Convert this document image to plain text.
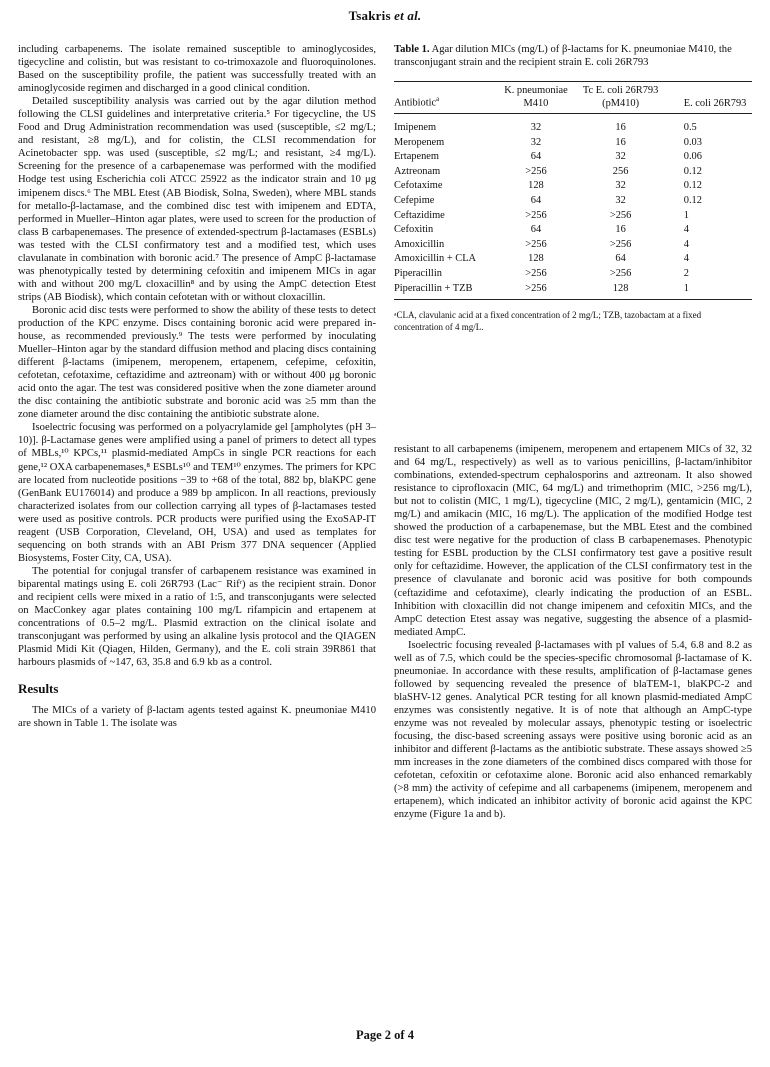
Tsakris et al.

including carbapenems. The isolate remained susceptible to aminoglycosides, tigecycline and colistin, but was resistant to co-trimoxazole and fluoroquinolones. Based on the susceptibility profile, the patient was successfully treated with an aminoglycoside regimen and discharged in a good clinical condition.

Detailed susceptibility analysis was carried out by the agar dilution method following the CLSI guidelines and interpretative criteria.⁵ For tigecycline, the US Food and Drug Administration recommendation was used (susceptible, ≤2 mg/L; and resistant, ≥8 mg/L), and for colistin, the CLSI recommendation for Acinetobacter spp. was used (susceptible, ≤2 mg/L; and resistant, ≥4 mg/L). Screening for the presence of a carbapenemase was performed with the modified Hodge test using Escherichia coli ATCC 25922 as the indicator strain and 10 μg imipenem discs.⁶ The MBL Etest (AB Biodisk, Solna, Sweden), where MBL stands for metallo-β-lactamase, and the combined disc test with imipenem and EDTA, performed in Mueller–Hinton agar plates, were used to screen for the production of class B carbapenemases. The presence of extended-spectrum β-lactamases (ESBLs) was tested with the CLSI confirmatory test and a modified test, which uses clavulanate in combination with boronic acid.⁷ The presence of AmpC β-lactamase was phenotypically tested by determining cefoxitin and imipenem MICs in agar with and without 200 mg/L cloxacillin⁸ and by using the AmpC detection Etest strips (AB Biodisk), which contain cefotetan with or without cloxacillin.

Boronic acid disc tests were performed to show the ability of these tests to detect production of the KPC enzyme. Discs containing boronic acid were prepared in-house, as recommended previously.⁹ The tests were performed by inoculating Mueller–Hinton agar by the standard diffusion method and placing discs containing different β-lactams (imipenem, meropenem, ertapenem, cefepime, cefoxitin, cefotetan, cefotaxime, ceftazidime and aztreonam) with or without 400 μg boronic acid onto the agar. The test was considered positive when the zone diameter around the disc containing the antibiotic substrate and boronic acid was ≥5 mm than the zone diameter around the disc containing the antibiotic substrate alone.

Isoelectric focusing was performed on a polyacrylamide gel [ampholytes (pH 3–10)]. β-Lactamase genes were amplified using a panel of primers to detect all types of MBLs,¹⁰ KPCs,¹¹ plasmid-mediated AmpCs in single PCR reactions for each gene,¹² OXA carbapenemases,⁸ ESBLs¹⁰ and TEM¹⁰ enzymes. The primers for KPC are located from nucleotide positions −39 to +68 of the total, 882 bp, blaKPC gene (GenBank EU176014) and produce a 989 bp amplicon. In all reactions, previously characterized isolates from our collection carrying all types of β-lactamases tested were used as positive controls. PCR products were purified using the ExoSAP-IT reagent (USB Corporation, Cleveland, OH, USA) and used as templates for sequencing on both strands with an ABI Prism 377 DNA sequencer (Applied Biosystems, Foster City, CA, USA).

The potential for conjugal transfer of carbapenem resistance was examined in biparental matings using E. coli 26R793 (Lac⁻ Rifʳ) as the recipient strain. Donor and recipient cells were mixed in a ratio of 1:5, and transconjugants were selected on MacConkey agar plates containing 100 mg/L rifampicin and ertapenem at concentrations of 0.5–2 mg/L. Plasmid extraction on the clinical isolate and transconjugant was performed by using an alkaline lysis protocol and the QIAGEN Plasmid Midi Kit (Qiagen, Hilden, Germany), and the E. coli strain 39R861 that harbours plasmids of ~147, 63, 35.8 and 6.9 kb as a control.

Results

The MICs of a variety of β-lactam agents tested against K. pneumoniae M410 are shown in Table 1. The isolate was

Table 1. Agar dilution MICs (mg/L) of β-lactams for K. pneumoniae M410, the transconjugant strain and the recipient strain E. coli 26R793
Antibiotic$^a$	K. pneumoniae M410	Tc E. coli 26R793 (pM410)	E. coli 26R793
Imipenem	32	16	0.5
Meropenem	32	16	0.03
Ertapenem	64	32	0.06
Aztreonam	>256	256	0.12
Cefotaxime	128	32	0.12
Cefepime	64	32	0.12
Ceftazidime	>256	>256	1
Cefoxitin	64	16	4
Amoxicillin	>256	>256	4
Amoxicillin + CLA	128	64	4
Piperacillin	>256	>256	2
Piperacillin + TZB	>256	128	1
ᵃCLA, clavulanic acid at a fixed concentration of 2 mg/L; TZB, tazobactam at a fixed concentration of 4 mg/L.

resistant to all carbapenems (imipenem, meropenem and ertapenem MICs of 32, 32 and 64 mg/L, respectively) as well as to various penicillins, β-lactam/inhibitor combinations, extended-spectrum cephalosporins and aztreonam. It also showed resistance to ciprofloxacin (MIC, 64 mg/L) and trimethoprim (MIC, >256 mg/L), but not to colistin (MIC, 1 mg/L), tigecycline (MIC, 2 mg/L), gentamicin (MIC, 2 mg/L) and amikacin (MIC, 16 mg/L). The application of the modified Hodge test showed the production of a carbapenemase, but the MBL Etest and the combined disc test were negative for the production of class B carbapenemases. Phenotypic testing for ESBL production by the CLSI confirmatory test gave a positive result only for ceftazidime. However, the application of the CLSI confirmatory test in the presence of clavulanate and boronic acid was positive for both compounds (ceftazidime and cefotaxime), clearly indicating the production of an ESBL. Inhibition with cloxacillin did not change imipenem and cefoxitin MICs, and the AmpC detection Etest assay was negative, suggesting the absence of a plasmid-mediated AmpC.

Isoelectric focusing revealed β-lactamases with pI values of 5.4, 6.8 and 8.2 as well as of 7.5, which could be the species-specific chromosomal β-lactamase of K. pneumoniae. In accordance with these results, amplification of β-lactamase genes followed by sequencing revealed the presence of blaTEM-1, blaKPC-2 and blaSHV-12 genes. Analytical PCR testing for all known plasmid-mediated AmpC enzymes was consistently negative. It is of note that although an AmpC-type enzyme was not revealed by molecular assays, phenotypic testing or isoelectric focusing, the disc-based screening assays were positive using boronic acid as an inhibitor and different β-lactams as the antibiotic substrate. These assays showed ≥5 mm increases in the zone diameters of the combined discs compared with those for cefotetan, cefoxitin or cefotaxime alone. Boronic acid also enhanced remarkably (>8 mm) the activity of cefepime and all carbapenems (imipenem, meropenem and ertapenem), which indicated an inhibitor activity of boronic acid against the KPC enzyme (Figure 1a and b).

Page 2 of 4
